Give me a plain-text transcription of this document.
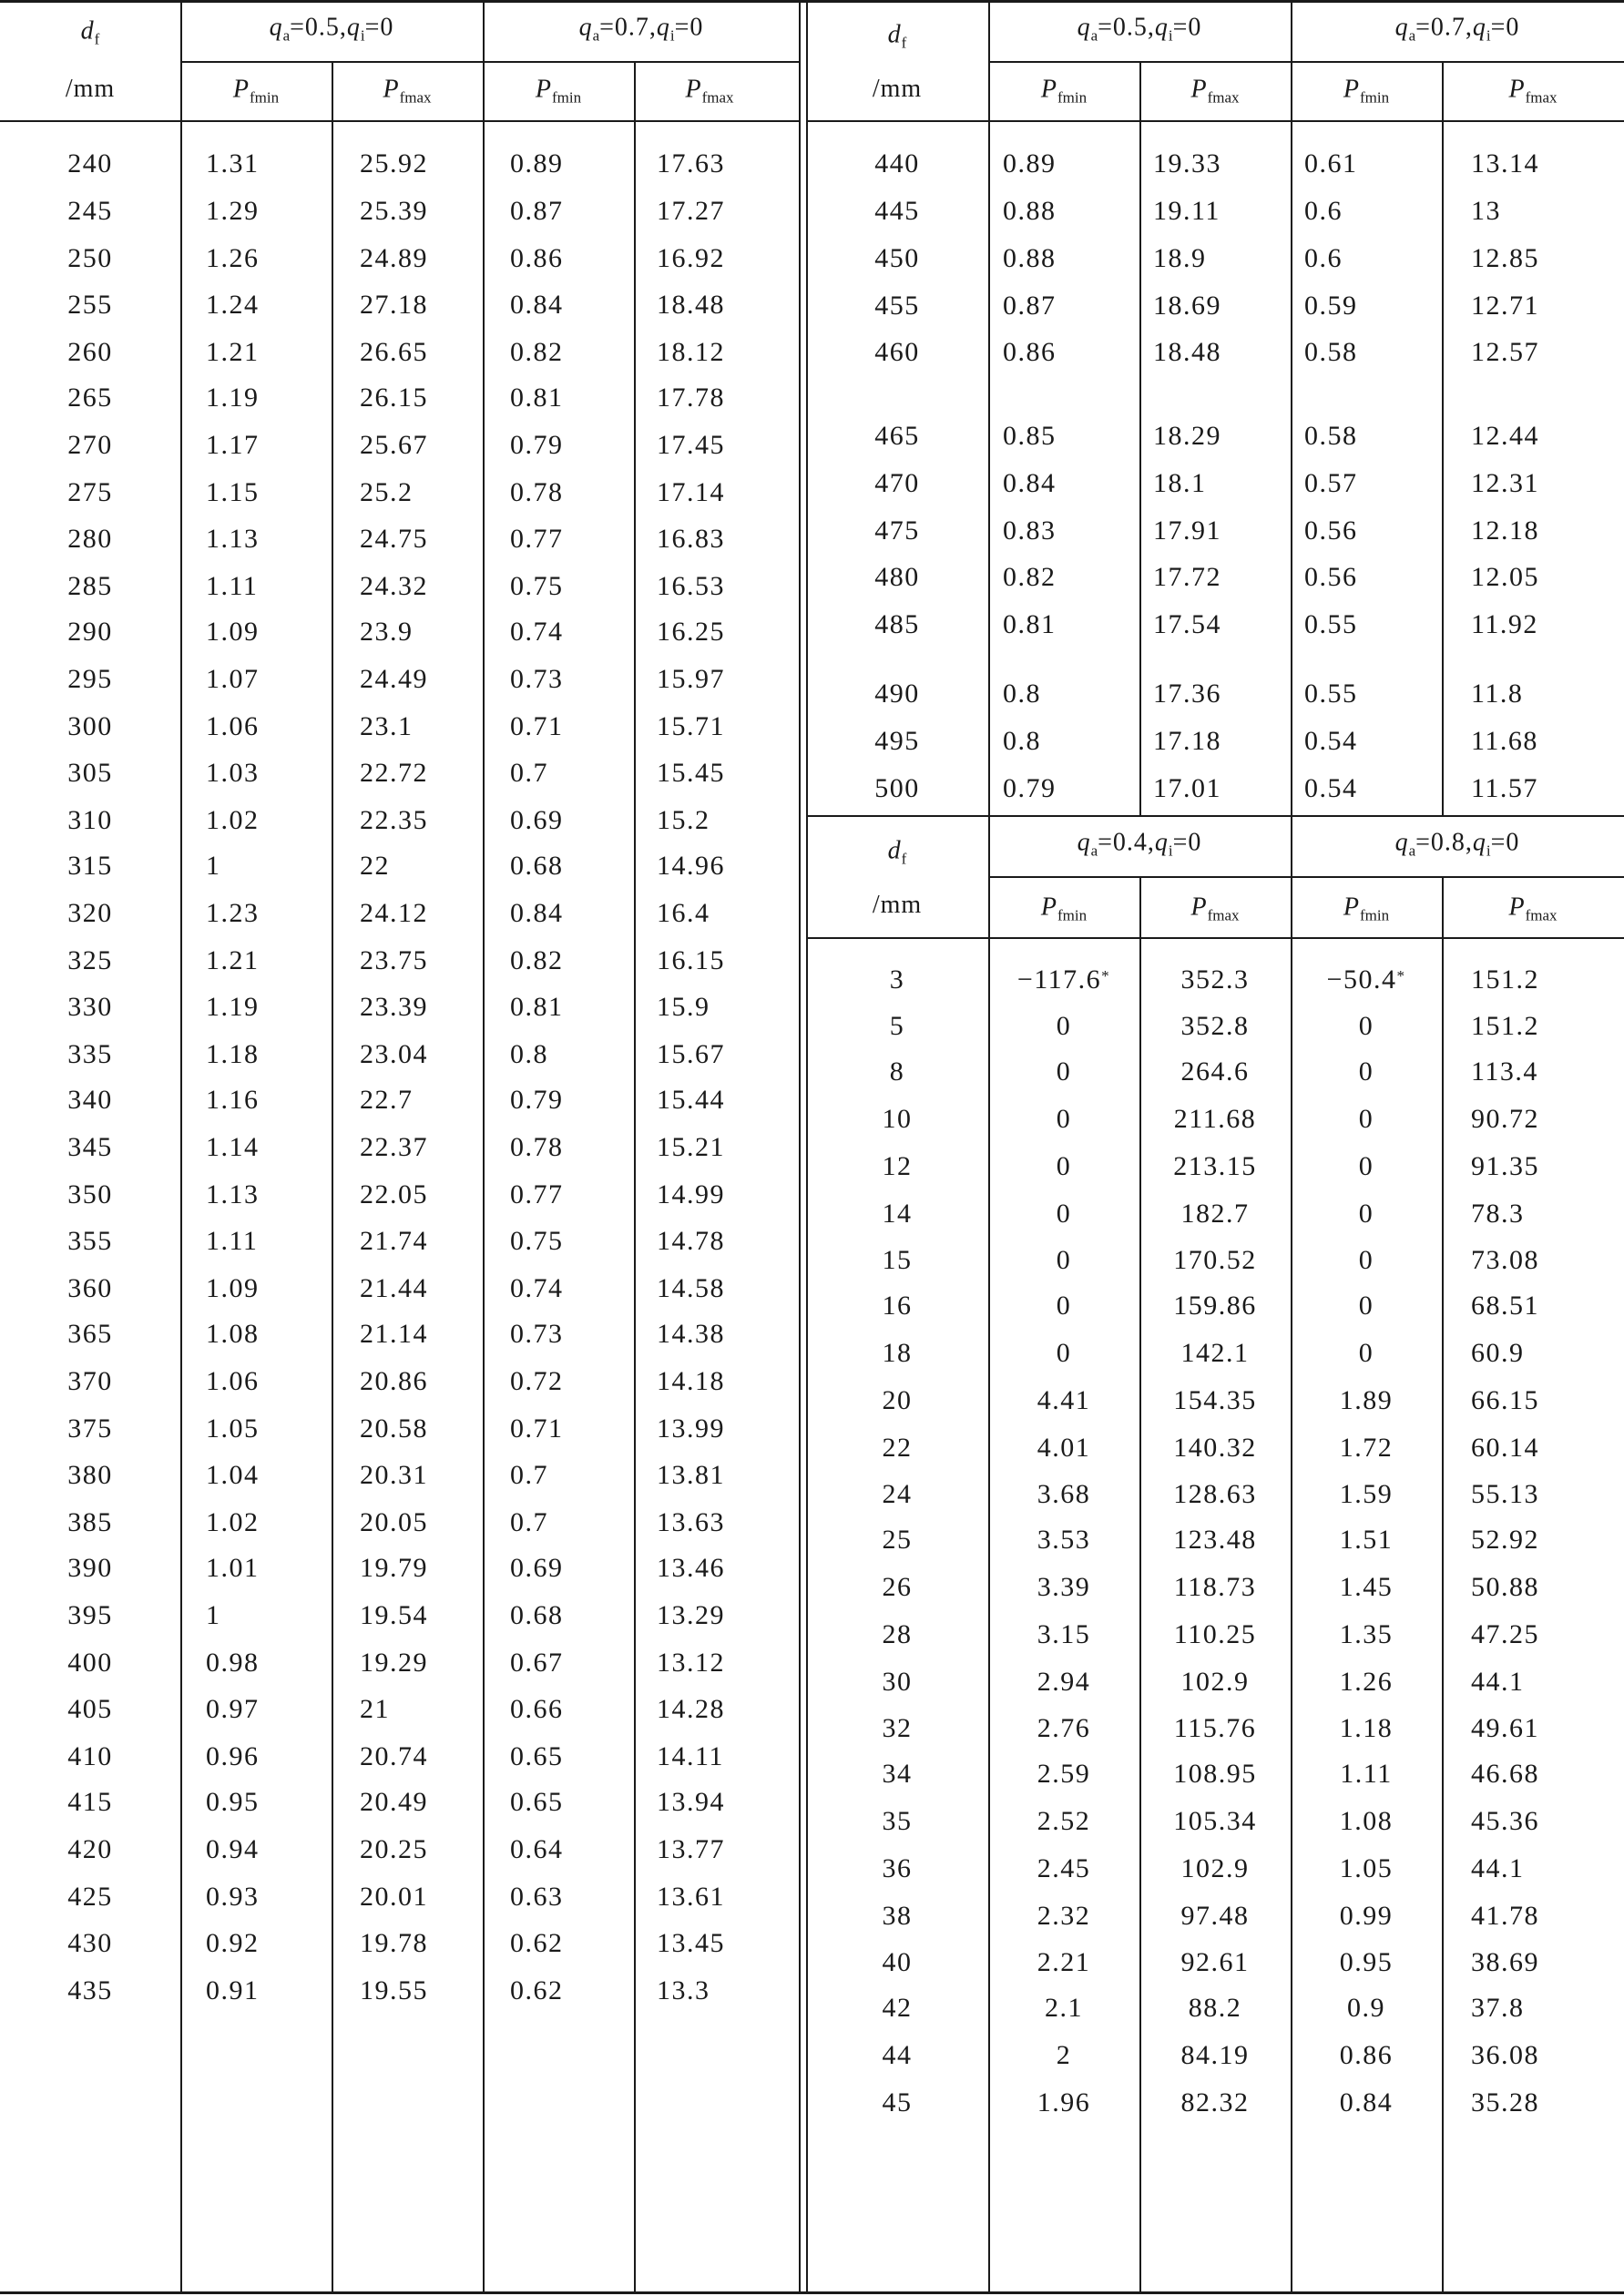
$d_f$
/mm
$q_a=0.5,q_i=0$	$q_a=0.7,q_i=0$
$P_{fmin}$	$P_{fmax}$	$P_{fmin}$	$P_{fmax}$
$d_f$
/mm
$q_a=0.5,q_i=0$	$q_a=0.7,q_i=0$
$P_{fmin}$	$P_{fmax}$	$P_{fmin}$	$P_{fmax}$
$d_f$
/mm
$q_a=0.4,q_i=0$	$q_a=0.8,q_i=0$
$P_{fmin}$	$P_{fmax}$	$P_{fmin}$	$P_{fmax}$
240	1.31	25.92	0.89	17.63
245	1.29	25.39	0.87	17.27
250	1.26	24.89	0.86	16.92
255	1.24	27.18	0.84	18.48
260	1.21	26.65	0.82	18.12
265	1.19	26.15	0.81	17.78
270	1.17	25.67	0.79	17.45
275	1.15	25.2	0.78	17.14
280	1.13	24.75	0.77	16.83
285	1.11	24.32	0.75	16.53
290	1.09	23.9	0.74	16.25
295	1.07	24.49	0.73	15.97
300	1.06	23.1	0.71	15.71
305	1.03	22.72	0.7	15.45
310	1.02	22.35	0.69	15.2
315	1	22	0.68	14.96
320	1.23	24.12	0.84	16.4
325	1.21	23.75	0.82	16.15
330	1.19	23.39	0.81	15.9
335	1.18	23.04	0.8	15.67
340	1.16	22.7	0.79	15.44
345	1.14	22.37	0.78	15.21
350	1.13	22.05	0.77	14.99
355	1.11	21.74	0.75	14.78
360	1.09	21.44	0.74	14.58
365	1.08	21.14	0.73	14.38
370	1.06	20.86	0.72	14.18
375	1.05	20.58	0.71	13.99
380	1.04	20.31	0.7	13.81
385	1.02	20.05	0.7	13.63
390	1.01	19.79	0.69	13.46
395	1	19.54	0.68	13.29
400	0.98	19.29	0.67	13.12
405	0.97	21	0.66	14.28
410	0.96	20.74	0.65	14.11
415	0.95	20.49	0.65	13.94
420	0.94	20.25	0.64	13.77
425	0.93	20.01	0.63	13.61
430	0.92	19.78	0.62	13.45
435	0.91	19.55	0.62	13.3
440	0.89	19.33	0.61	13.14
445	0.88	19.11	0.6	13
450	0.88	18.9	0.6	12.85
455	0.87	18.69	0.59	12.71
460	0.86	18.48	0.58	12.57
465	0.85	18.29	0.58	12.44
470	0.84	18.1	0.57	12.31
475	0.83	17.91	0.56	12.18
480	0.82	17.72	0.56	12.05
485	0.81	17.54	0.55	11.92
490	0.8	17.36	0.55	11.8
495	0.8	17.18	0.54	11.68
500	0.79	17.01	0.54	11.57
3	−117.6*	352.3	−50.4* 151.2
5	0	352.8	0	151.2
8	0	264.6	0	113.4
10	0	211.68	0	90.72
12	0	213.15	0	91.35
14	0	182.7	0	78.3
15	0	170.52	0	73.08
16	0	159.86	0	68.51
18	0	142.1	0	60.9
20	4.41	154.35	1.89	66.15
22	4.01	140.32	1.72	60.14
24	3.68	128.63	1.59	55.13
25	3.53	123.48	1.51	52.92
26	3.39	118.73	1.45	50.88
28	3.15	110.25	1.35	47.25
30	2.94	102.9	1.26	44.1
32	2.76	115.76	1.18	49.61
34	2.59	108.95	1.11	46.68
35	2.52	105.34	1.08	45.36
36	2.45	102.9	1.05	44.1
38	2.32	97.48	0.99	41.78
40	2.21	92.61	0.95	38.69
42	2.1	88.2	0.9	37.8
44	2	84.19	0.86	36.08
45	1.96	82.32	0.84	35.28
